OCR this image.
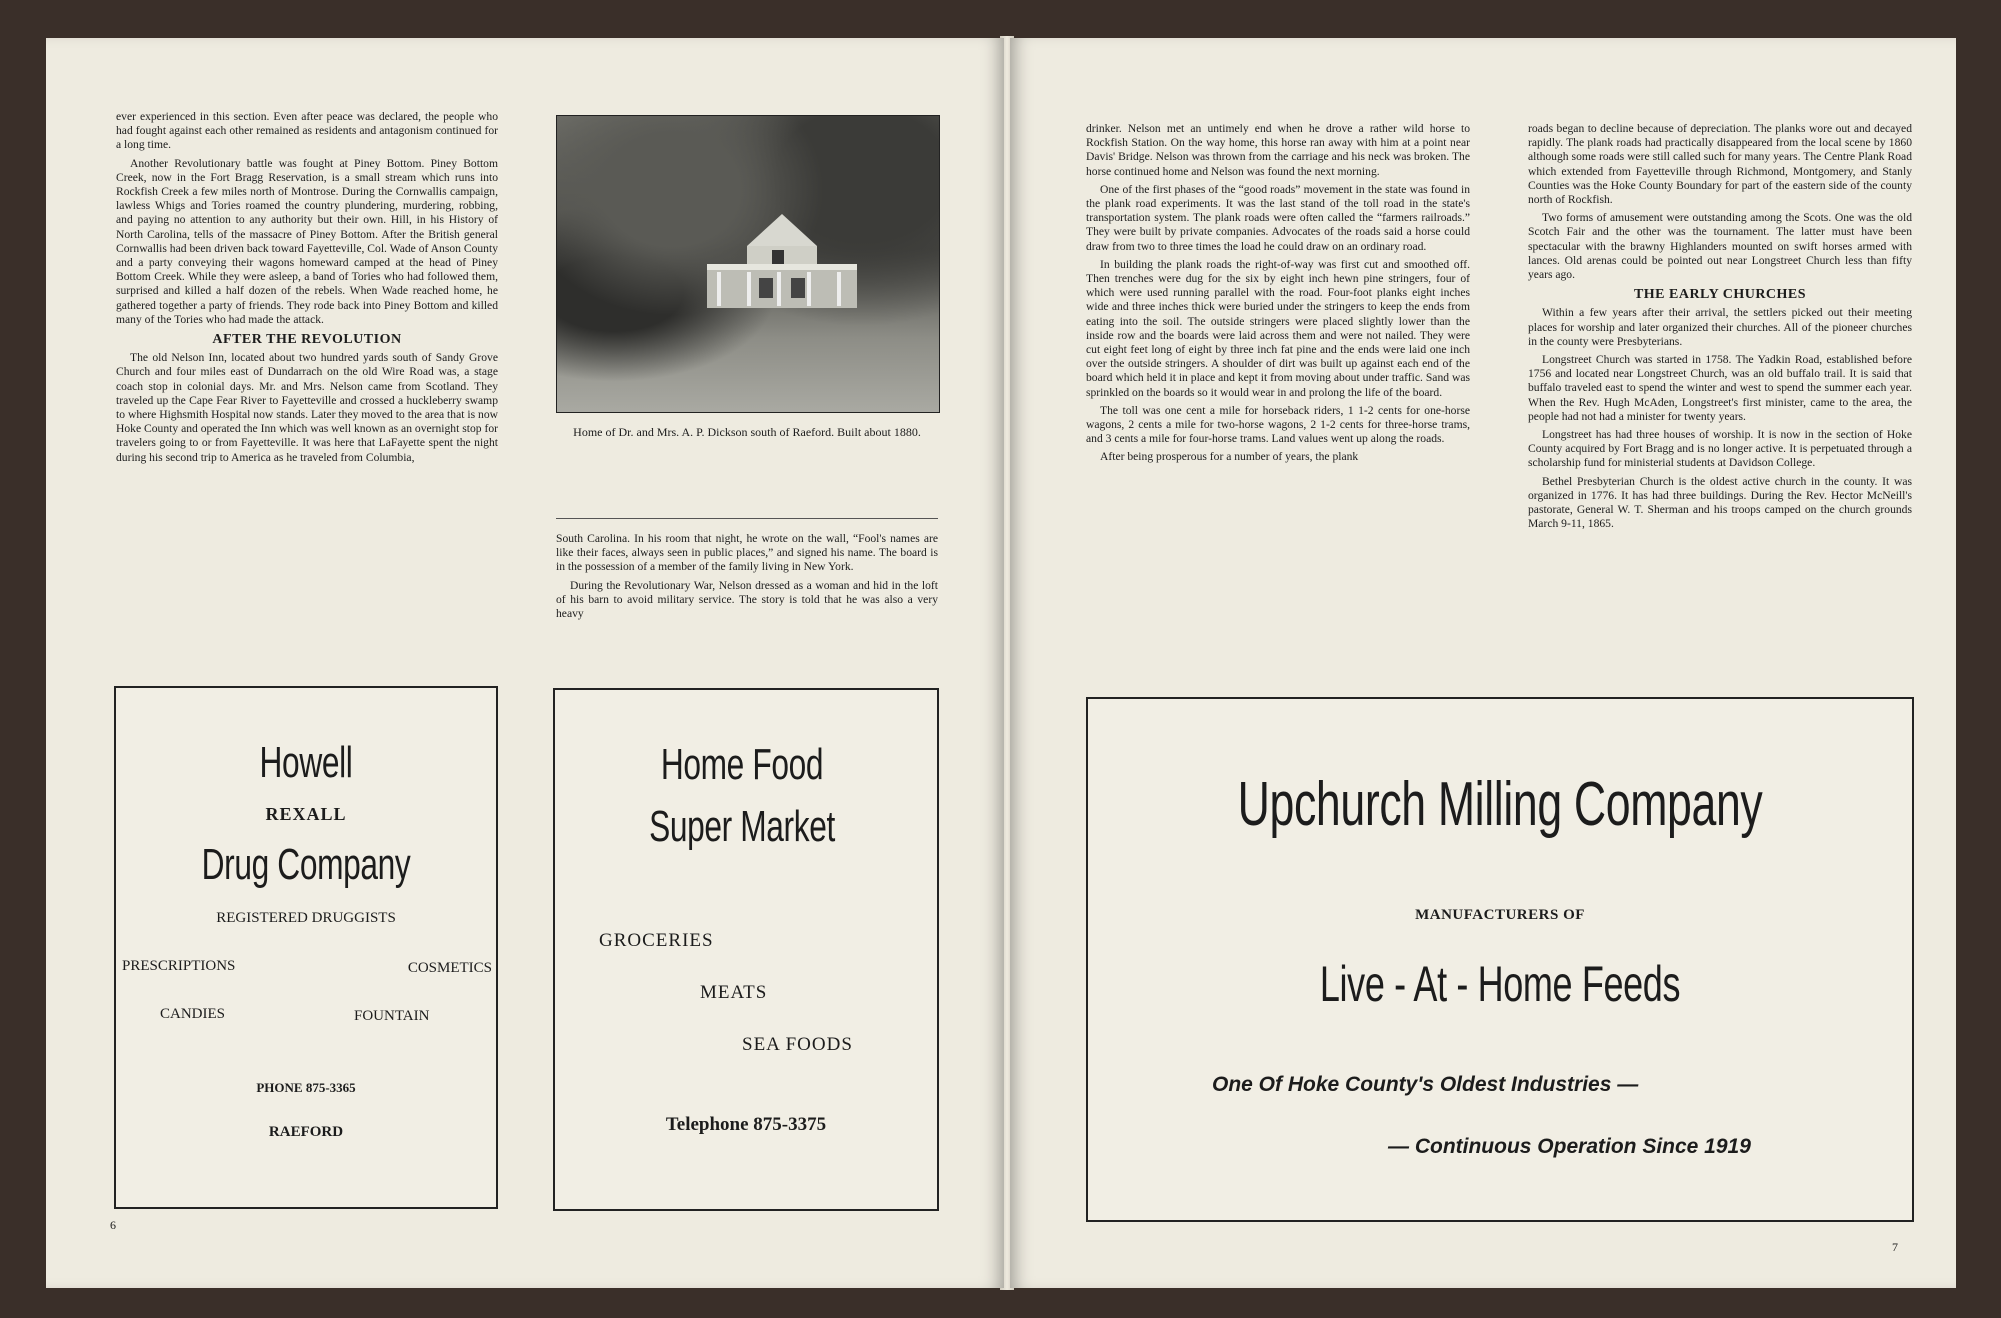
ever experienced in this section. Even after peace was declared, the people who had fought against each other remained as residents and antagonism continued for a long time.

Another Revolutionary battle was fought at Piney Bottom. Piney Bottom Creek, now in the Fort Bragg Reservation, is a small stream which runs into Rockfish Creek a few miles north of Montrose. During the Cornwallis campaign, lawless Whigs and Tories roamed the country plundering, murdering, robbing, and paying no attention to any authority but their own. Hill, in his History of North Carolina, tells of the massacre of Piney Bottom. After the British general Cornwallis had been driven back toward Fayetteville, Col. Wade of Anson County and a party conveying their wagons homeward camped at the head of Piney Bottom Creek. While they were asleep, a band of Tories who had followed them, surprised and killed a half dozen of the rebels. When Wade reached home, he gathered together a party of friends. They rode back into Piney Bottom and killed many of the Tories who had made the attack.

AFTER THE REVOLUTION

The old Nelson Inn, located about two hundred yards south of Sandy Grove Church and four miles east of Dundarrach on the old Wire Road was, a stage coach stop in colonial days. Mr. and Mrs. Nelson came from Scotland. They traveled up the Cape Fear River to Fayetteville and crossed a huckleberry swamp to where Highsmith Hospital now stands. Later they moved to the area that is now Hoke County and operated the Inn which was well known as an overnight stop for travelers going to or from Fayetteville. It was here that LaFayette spent the night during his second trip to America as he traveled from Columbia,

Home of Dr. and Mrs. A. P. Dickson south of Raeford. Built about 1880.

South Carolina. In his room that night, he wrote on the wall, “Fool's names are like their faces, always seen in public places,” and signed his name. The board is in the possession of a member of the family living in New York.

During the Revolutionary War, Nelson dressed as a woman and hid in the loft of his barn to avoid military service. The story is told that he was also a very heavy

Howell
REXALL
Drug Company
REGISTERED DRUGGISTS
PRESCRIPTIONS	COSMETICS
CANDIES	FOUNTAIN
PHONE 875-3365
RAEFORD
Home Food
Super Market
GROCERIES
MEATS
SEA FOODS
Telephone 875-3375
6

drinker. Nelson met an untimely end when he drove a rather wild horse to Rockfish Station. On the way home, this horse ran away with him at a point near Davis' Bridge. Nelson was thrown from the carriage and his neck was broken. The horse continued home and Nelson was found the next morning.

One of the first phases of the “good roads” movement in the state was found in the plank road experiments. It was the last stand of the toll road in the state's transportation system. The plank roads were often called the “farmers railroads.” They were built by private companies. Advocates of the roads said a horse could draw from two to three times the load he could draw on an ordinary road.

In building the plank roads the right-of-way was first cut and smoothed off. Then trenches were dug for the six by eight inch hewn pine stringers, four of which were used running parallel with the road. Four-foot planks eight inches wide and three inches thick were buried under the stringers to keep the ends from eating into the soil. The outside stringers were placed slightly lower than the inside row and the boards were laid across them and were not nailed. They were cut eight feet long of eight by three inch fat pine and the ends were laid one inch over the outside stringers. A shoulder of dirt was built up against each end of the board which held it in place and kept it from moving about under traffic. Sand was sprinkled on the boards so it would wear in and prolong the life of the board.

The toll was one cent a mile for horseback riders, 1 1-2 cents for one-horse wagons, 2 cents a mile for two-horse wagons, 2 1-2 cents for three-horse trams, and 3 cents a mile for four-horse trams. Land values went up along the roads.

After being prosperous for a number of years, the plank

roads began to decline because of depreciation. The planks wore out and decayed rapidly. The plank roads had practically disappeared from the local scene by 1860 although some roads were still called such for many years. The Centre Plank Road which extended from Fayetteville through Richmond, Montgomery, and Stanly Counties was the Hoke County Boundary for part of the eastern side of the county north of Rockfish.

Two forms of amusement were outstanding among the Scots. One was the old Scotch Fair and the other was the tournament. The latter must have been spectacular with the brawny Highlanders mounted on swift horses armed with lances. Old arenas could be pointed out near Longstreet Church less than fifty years ago.

THE EARLY CHURCHES

Within a few years after their arrival, the settlers picked out their meeting places for worship and later organized their churches. All of the pioneer churches in the county were Presbyterians.

Longstreet Church was started in 1758. The Yadkin Road, established before 1756 and located near Longstreet Church, was an old buffalo trail. It is said that buffalo traveled east to spend the winter and west to spend the summer each year. When the Rev. Hugh McAden, Longstreet's first minister, came to the area, the people had not had a minister for twenty years.

Longstreet has had three houses of worship. It is now in the section of Hoke County acquired by Fort Bragg and is no longer active. It is perpetuated through a scholarship fund for ministerial students at Davidson College.

Bethel Presbyterian Church is the oldest active church in the county. It was organized in 1776. It has had three buildings. During the Rev. Hector McNeill's pastorate, General W. T. Sherman and his troops camped on the church grounds March 9-11, 1865.

Upchurch Milling Company
MANUFACTURERS OF
Live - At - Home Feeds
One Of Hoke County's Oldest Industries —
— Continuous Operation Since 1919
7
